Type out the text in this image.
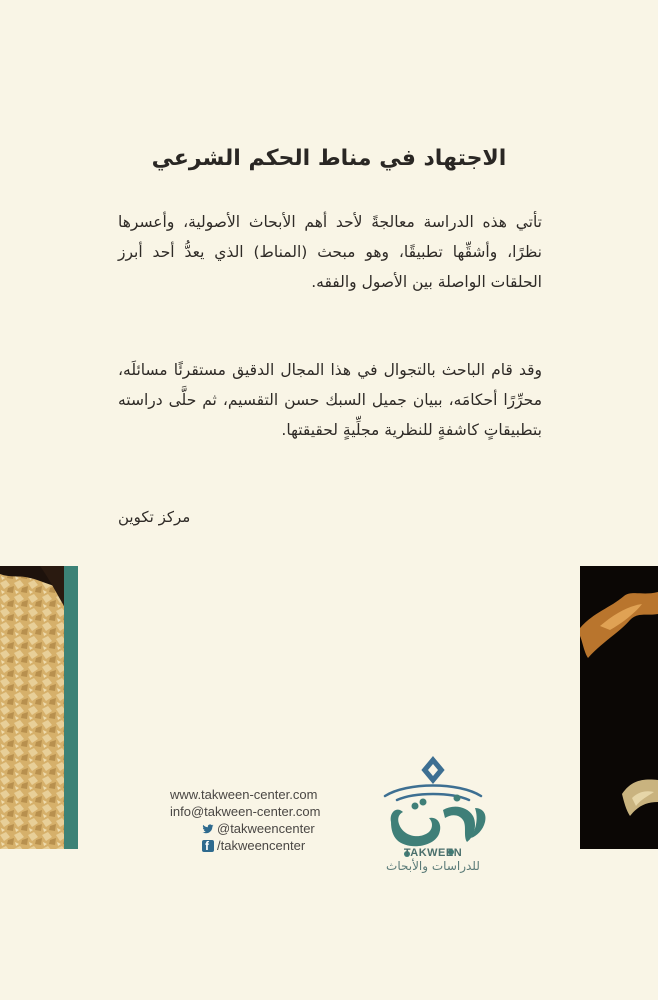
الاجتهاد في مناط الحكم الشرعي

تأتي هذه الدراسة معالجةً لأحد أهم الأبحاث الأصولية، وأعسرها نظرًا، وأشقِّها تطبيقًا، وهو مبحث (المناط) الذي يعدُّ أحد أبرز الحلقات الواصلة بين الأصول والفقه.

وقد قام الباحث بالتجوال في هذا المجال الدقيق مستقرئًا مسائلَه، محرِّرًا أحكامَه، ببيان جميل السبك حسن التقسيم، ثم حلَّى دراسته بتطبيقاتٍ كاشفةٍ للنظرية مجلِّيةٍ لحقيقتها.

مركز تكوين

www.takween-center.com
info@takween-center.com
@takweencenter
f
/takweencenter	TAKWEEN
للدراسات والأبحاث
